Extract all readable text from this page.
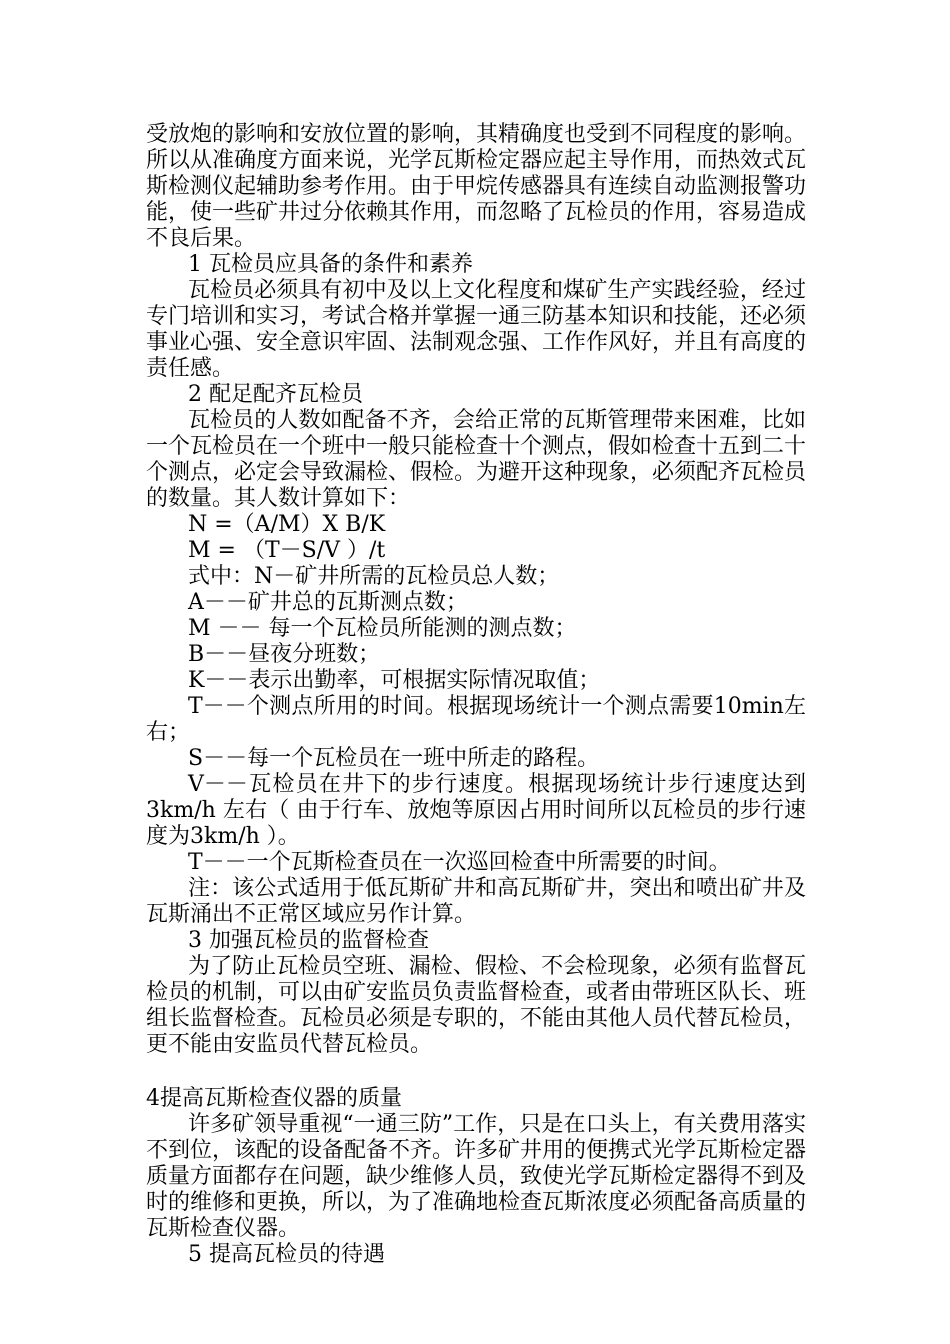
受放炮的影响和安放位置的影响，其精确度也受到不同程度的影响。所以从准确度方面来说，光学瓦斯检定器应起主导作用，而热效式瓦斯检测仪起辅助参考作用。由于甲烷传感器具有连续自动监测报警功能，使一些矿井过分依赖其作用，而忽略了瓦检员的作用，容易造成不良后果。

1 瓦检员应具备的条件和素养

瓦检员必须具有初中及以上文化程度和煤矿生产实践经验，经过专门培训和实习，考试合格并掌握一通三防基本知识和技能，还必须事业心强、安全意识牢固、法制观念强、工作作风好，并且有高度的责任感。

2 配足配齐瓦检员

瓦检员的人数如配备不齐，会给正常的瓦斯管理带来困难，比如一个瓦检员在一个班中一般只能检查十个测点，假如检查十五到二十个测点，必定会导致漏检、假检。为避开这种现象，必须配齐瓦检员的数量。其人数计算如下：

N =（A/M）X B/K

M = （T－S/V ）/t

式中：N－矿井所需的瓦检员总人数；

A－－矿井总的瓦斯测点数；

M －－ 每一个瓦检员所能测的测点数；

B－－昼夜分班数；

K－－表示出勤率，可根据实际情况取值；

T－－个测点所用的时间。根据现场统计一个测点需要10min左右；

S－－每一个瓦检员在一班中所走的路程。

V－－瓦检员在井下的步行速度。根据现场统计步行速度达到3km/h 左右（ 由于行车、放炮等原因占用时间所以瓦检员的步行速度为3km/h ）。

T－－一个瓦斯检查员在一次巡回检查中所需要的时间。

注：该公式适用于低瓦斯矿井和高瓦斯矿井，突出和喷出矿井及瓦斯涌出不正常区域应另作计算。

3 加强瓦检员的监督检查

为了防止瓦检员空班、漏检、假检、不会检现象，必须有监督瓦检员的机制，可以由矿安监员负责监督检查，或者由带班区队长、班组长监督检查。瓦检员必须是专职的，不能由其他人员代替瓦检员，更不能由安监员代替瓦检员。

4提高瓦斯检查仪器的质量

许多矿领导重视“一通三防”工作，只是在口头上，有关费用落实不到位，该配的设备配备不齐。许多矿井用的便携式光学瓦斯检定器质量方面都存在问题，缺少维修人员，致使光学瓦斯检定器得不到及时的维修和更换，所以，为了准确地检查瓦斯浓度必须配备高质量的瓦斯检查仪器。

5 提高瓦检员的待遇
